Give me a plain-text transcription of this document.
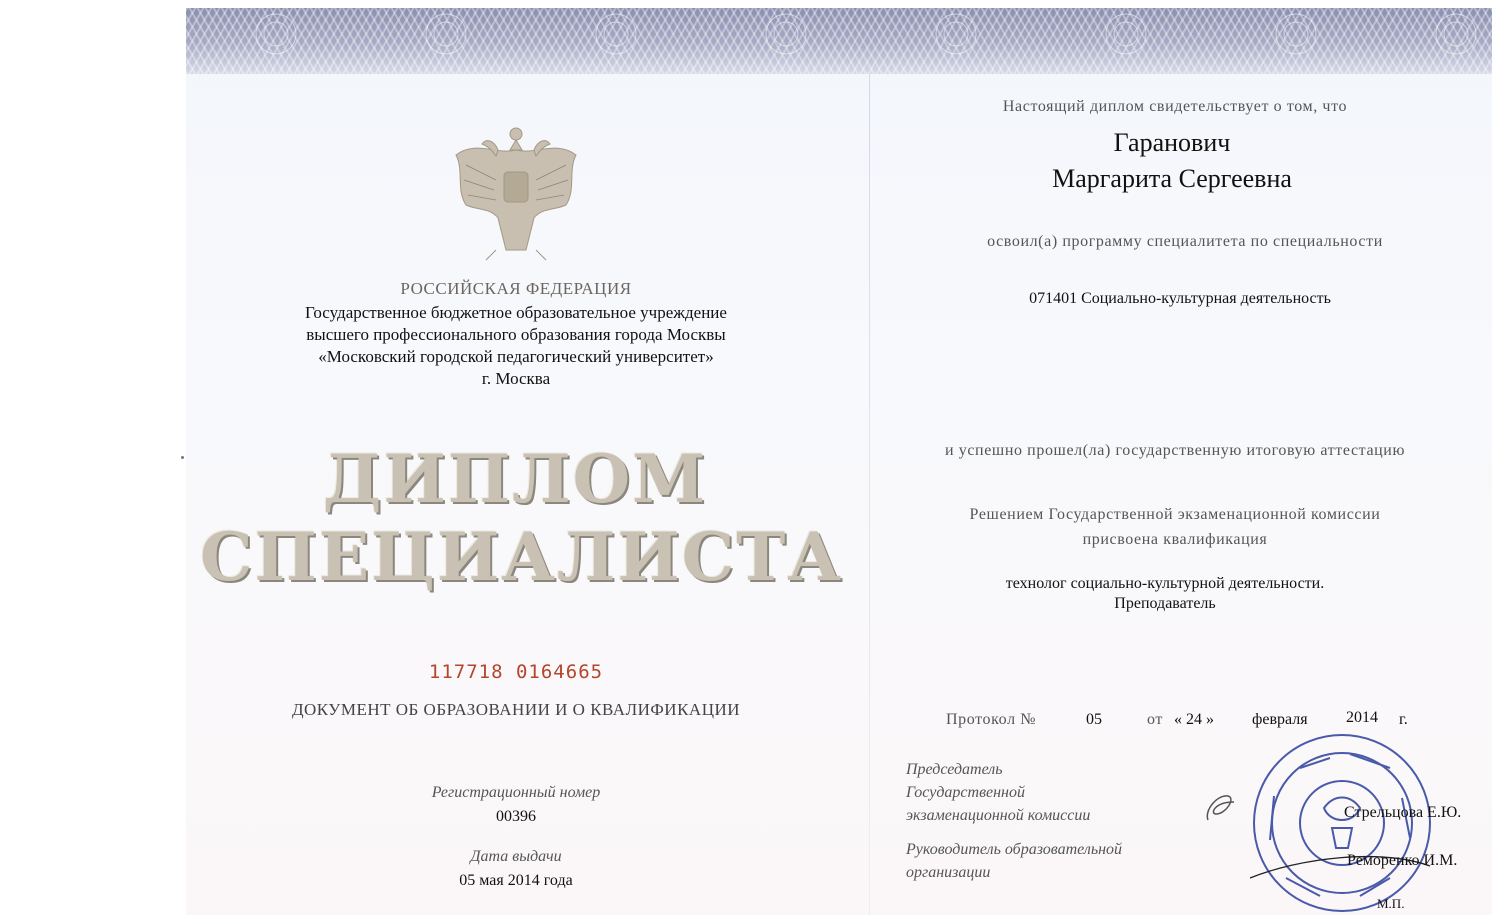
РОССИЙСКАЯ ФЕДЕРАЦИЯ
Государственное бюджетное образовательное учреждение
высшего профессионального образования города Москвы
«Московский городской педагогический университет»
г. Москва
ДИПЛОМ
СПЕЦИАЛИСТА
117718 0164665
ДОКУМЕНТ ОБ ОБРАЗОВАНИИ И О КВАЛИФИКАЦИИ
Регистрационный номер
00396
Дата выдачи
05 мая 2014 года
Настоящий диплом свидетельствует о том, что
Гаранович
Маргарита Сергеевна
освоил(а) программу специалитета по специальности
071401 Социально-культурная деятельность
и успешно прошел(ла) государственную итоговую аттестацию
Решением Государственной экзаменационной комиссии
присвоена квалификация
технолог социально-культурной деятельности.
Преподаватель
Протокол №	05	от « 24 » февраля 2014 г.
Председатель
Государственной
экзаменационной комиссии
Руководитель образовательной
организации
Стрельцова Е.Ю.
Реморенко И.М.
М.П.
